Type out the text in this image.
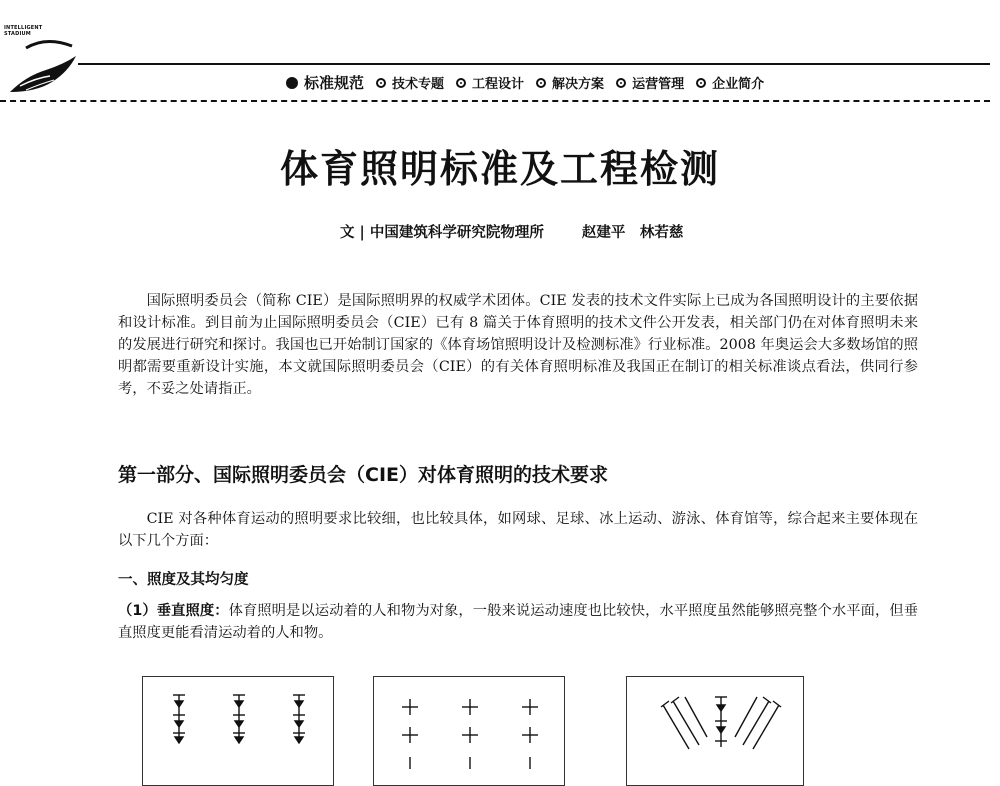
INTELLIGENT
STADIUM
标准规范 技术专题 工程设计 解决方案 运营管理 企业简介
体育照明标准及工程检测
文 | 中国建筑科学研究院物理所	赵建平　林若慈

国际照明委员会（简称 CIE）是国际照明界的权威学术团体。CIE 发表的技术文件实际上已成为各国照明设计的主要依据和设计标准。到目前为止国际照明委员会（CIE）已有 8 篇关于体育照明的技术文件公开发表，相关部门仍在对体育照明未来的发展进行研究和探讨。我国也已开始制订国家的《体育场馆照明设计及检测标准》行业标准。2008 年奥运会大多数场馆的照明都需要重新设计实施，本文就国际照明委员会（CIE）的有关体育照明标准及我国正在制订的相关标准谈点看法，供同行参考，不妥之处请指正。

第一部分、国际照明委员会（CIE）对体育照明的技术要求

CIE 对各种体育运动的照明要求比较细，也比较具体，如网球、足球、冰上运动、游泳、体育馆等，综合起来主要体现在以下几个方面：

一、照度及其均匀度

（1）垂直照度：体育照明是以运动着的人和物为对象，一般来说运动速度也比较快，水平照度虽然能够照亮整个水平面，但垂直照度更能看清运动着的人和物。
